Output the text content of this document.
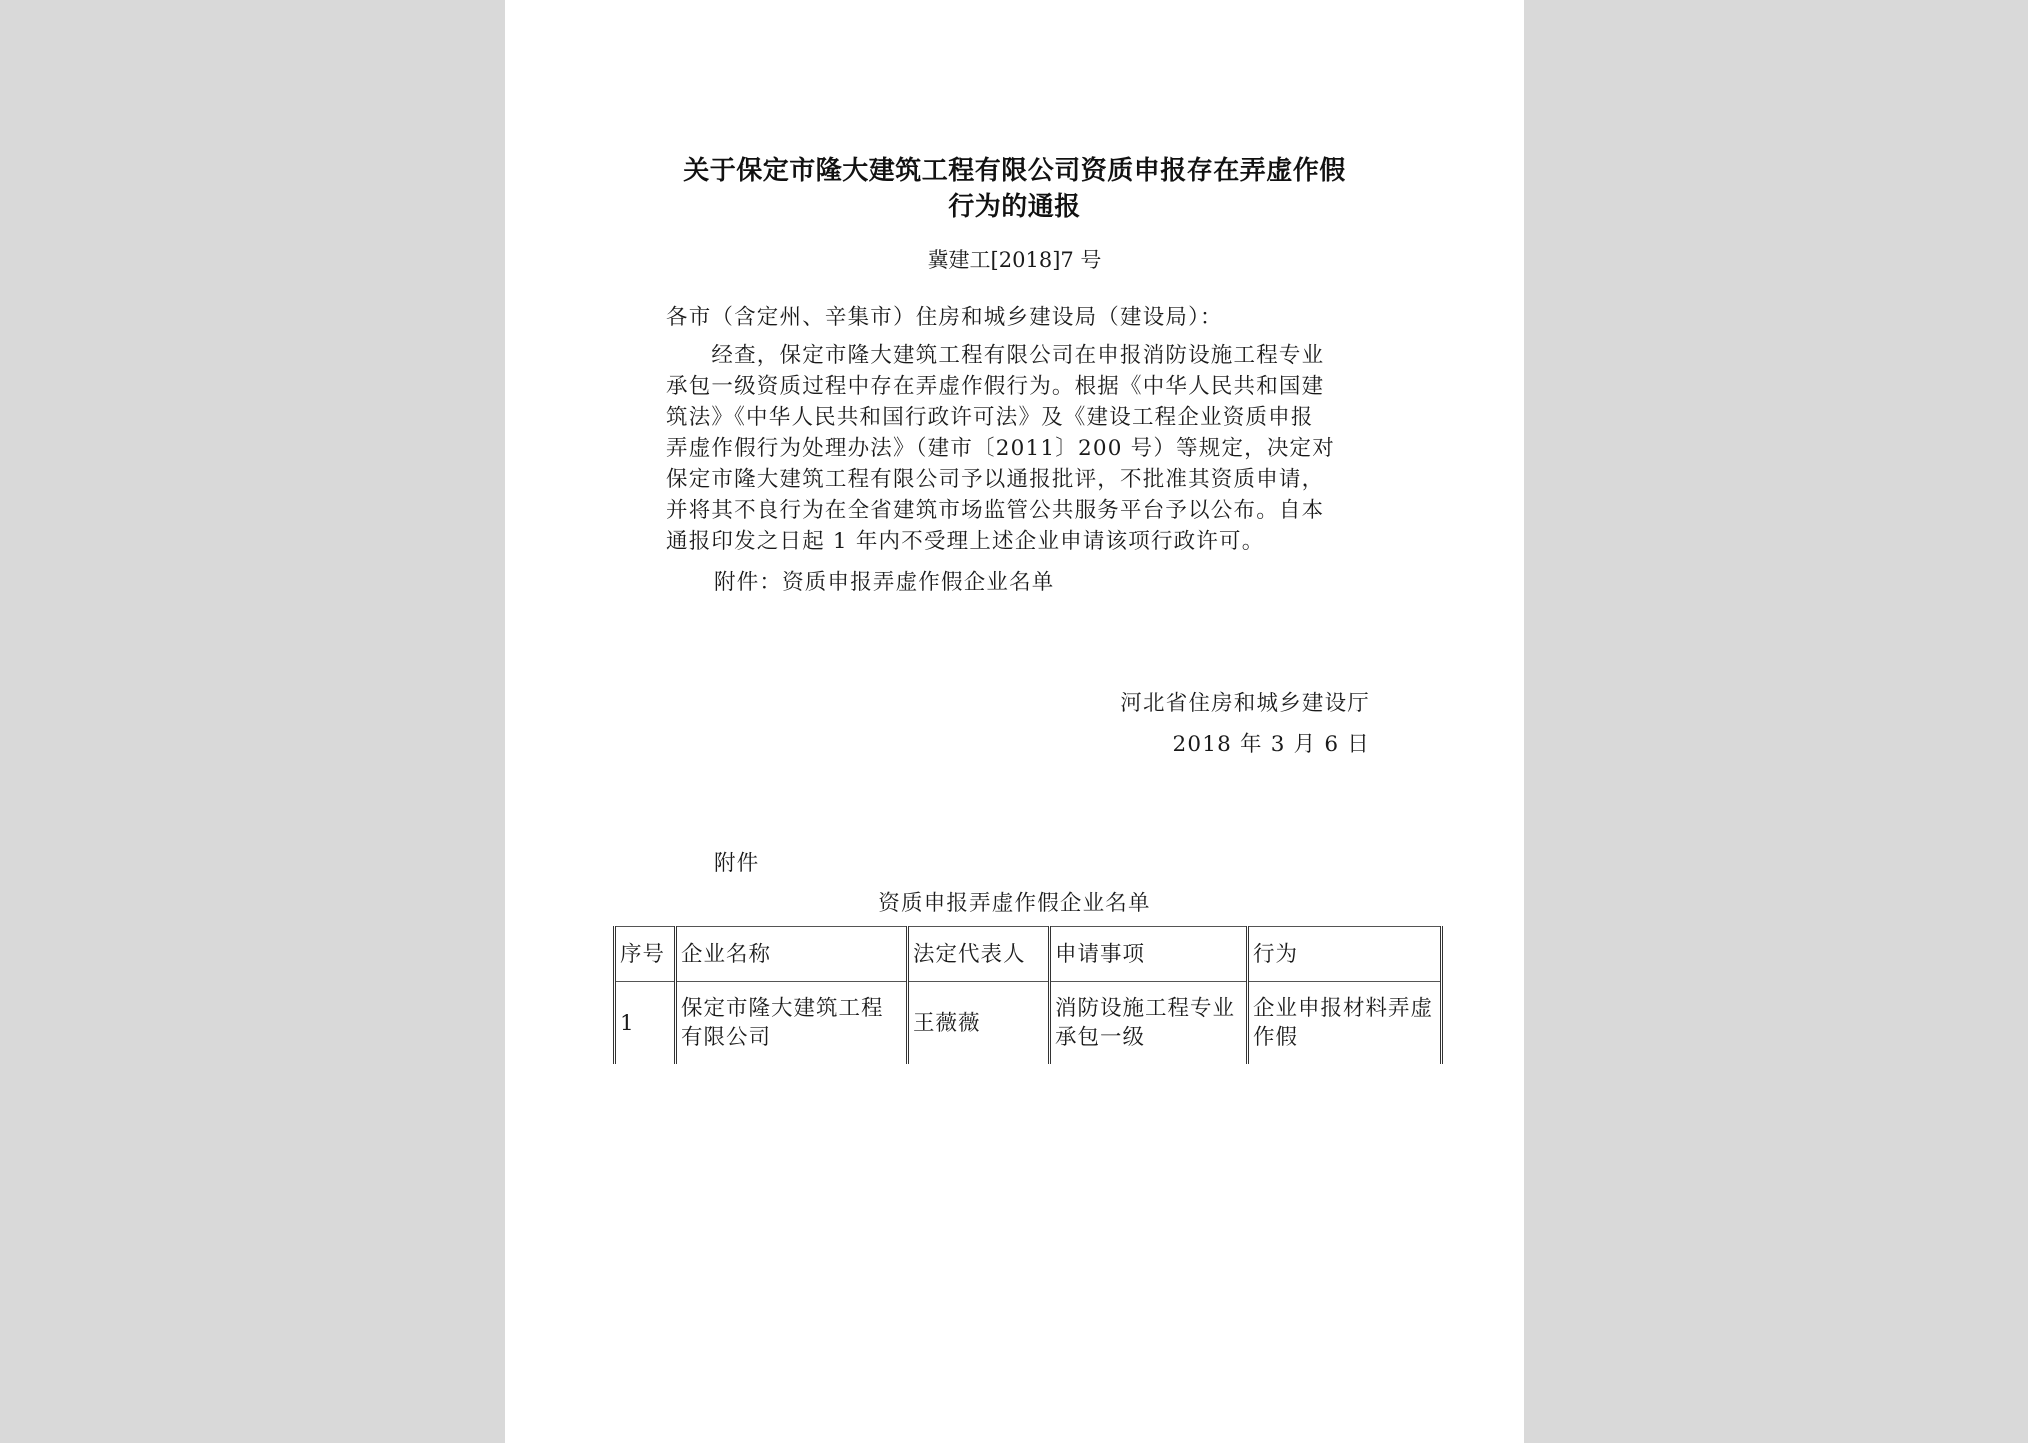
关于保定市隆大建筑工程有限公司资质申报存在弄虚作假
行为的通报
冀建工[2018]7 号
各市（含定州、辛集市）住房和城乡建设局（建设局）：
　　经查，保定市隆大建筑工程有限公司在申报消防设施工程专业
承包一级资质过程中存在弄虚作假行为。根据《中华人民共和国建
筑法》《中华人民共和国行政许可法》及《建设工程企业资质申报
弄虚作假行为处理办法》（建市〔2011〕200 号）等规定，决定对
保定市隆大建筑工程有限公司予以通报批评，不批准其资质申请，
并将其不良行为在全省建筑市场监管公共服务平台予以公布。自本
通报印发之日起 1 年内不受理上述企业申请该项行政许可。
附件：资质申报弄虚作假企业名单
河北省住房和城乡建设厅
2018 年 3 月 6 日
附件
资质申报弄虚作假企业名单
序号	企业名称	法定代表人	申请事项	行为
1	保定市隆大建筑工程有限公司	王薇薇	消防设施工程专业承包一级	企业申报材料弄虚作假
